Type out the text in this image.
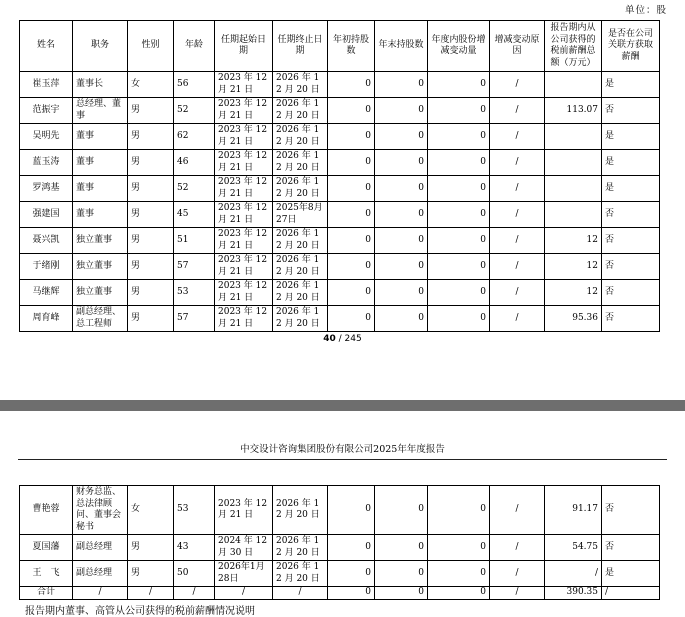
单位：股
姓名	职务	性别	年龄	任期起始日期	任期终止日期	年初持股数	年末持股数	年度内股份增减变动量	增减变动原因	报告期内从公司获得的税前薪酬总额（万元）	是否在公司关联方获取薪酬
崔玉萍	董事长	女	56	2023 年 12 月 21 日	2026 年 12 月 20 日	0	0	0	/		是
范振宇	总经理、董事	男	52	2023 年 12 月 21 日	2026 年 12 月 20 日	0	0	0	/	113.07	否
吴明先	董事	男	62	2023 年 12 月 21 日	2026 年 12 月 20 日	0	0	0	/		是
蓝玉涛	董事	男	46	2023 年 12 月 21 日	2026 年 12 月 20 日	0	0	0	/		是
罗鸿基	董事	男	52	2023 年 12 月 21 日	2026 年 12 月 20 日	0	0	0	/		是
强建国	董事	男	45	2023 年 12 月 21 日	2025年8月27日	0	0	0	/		否
聂兴凯	独立董事	男	51	2023 年 12 月 21 日	2026 年 12 月 20 日	0	0	0	/	12	否
于绪刚	独立董事	男	57	2023 年 12 月 21 日	2026 年 12 月 20 日	0	0	0	/	12	否
马继辉	独立董事	男	53	2023 年 12 月 21 日	2026 年 12 月 20 日	0	0	0	/	12	否
周育峰	副总经理、总工程师	男	57	2023 年 12 月 21 日	2026 年 12 月 20 日	0	0	0	/	95.36	否
40 / 245
中交设计咨询集团股份有限公司2025年年度报告
曹艳蓉	财务总监、总法律顾问、董事会秘书	女	53	2023 年 12 月 21 日	2026 年 12 月 20 日	0	0	0	/	91.17	否
夏国藩	副总经理	男	43	2024 年 12 月 30 日	2026 年 12 月 20 日	0	0	0	/	54.75	否
王　飞	副总经理	男	50	2026年1月28日	2026 年 12 月 20 日	0	0	0	/	/	是
合计	/	/	/	/	/	0	0	0	/	390.35	/
报告期内董事、高管从公司获得的税前薪酬情况说明
